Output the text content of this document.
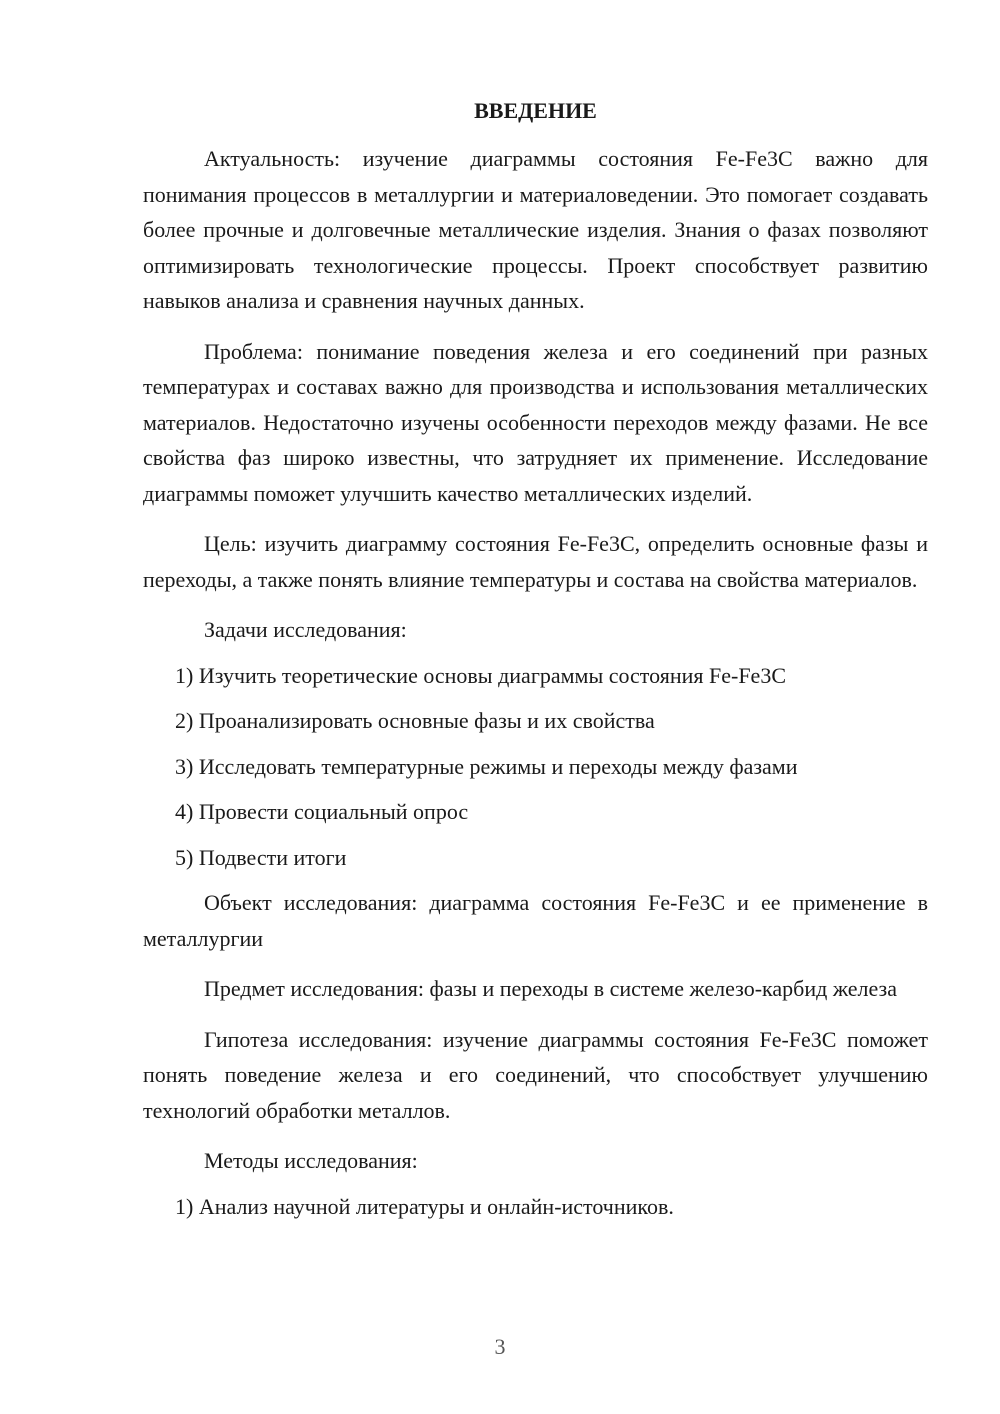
ВВЕДЕНИЕ

Актуальность: изучение диаграммы состояния Fe-Fe3C важно для понимания процессов в металлургии и материаловедении. Это помогает создавать более прочные и долговечные металлические изделия. Знания о фазах позволяют оптимизировать технологические процессы. Проект способствует развитию навыков анализа и сравнения научных данных.

Проблема: понимание поведения железа и его соединений при разных температурах и составах важно для производства и использования металлических материалов. Недостаточно изучены особенности переходов между фазами. Не все свойства фаз широко известны, что затрудняет их применение. Исследование диаграммы поможет улучшить качество металлических изделий.

Цель: изучить диаграмму состояния Fe-Fe3C, определить основные фазы и переходы, а также понять влияние температуры и состава на свойства материалов.

Задачи исследования:

1) Изучить теоретические основы диаграммы состояния Fe-Fe3C
2) Проанализировать основные фазы и их свойства
3) Исследовать температурные режимы и переходы между фазами
4) Провести социальный опрос
5) Подвести итоги

Объект исследования: диаграмма состояния Fe-Fe3C и ее применение в металлургии

Предмет исследования: фазы и переходы в системе железо-карбид железа

Гипотеза исследования: изучение диаграммы состояния Fe-Fe3C поможет понять поведение железа и его соединений, что способствует улучшению технологий обработки металлов.

Методы исследования:

1) Анализ научной литературы и онлайн-источников.
3
